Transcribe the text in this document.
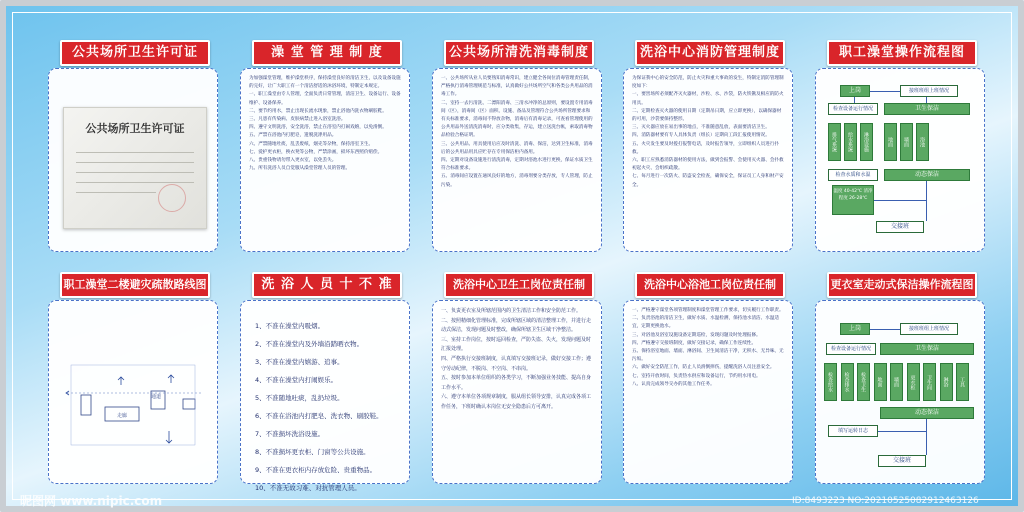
公共场所卫生许可证	澡 堂 管 理 制 度	公共场所清洗消毒制度	洗浴中心消防管理制度	职工澡堂操作流程图
公共场所卫生许可证
为加强澡堂管理，维护澡堂秩序，保持澡堂良好的清洁卫生，以及设备设施的完好，让广大职工有一个清洁舒适的沐浴环境，特制定本规定。
一、职工澡堂由专人管理，全面负责日常管理，清洁卫生、设备运行、设备维护、设备保养。
二、要节约用水，禁止出现长流水现象，禁止浴池内洗衣物刷胶鞋。
三、凡患有传染病、皮肤病禁止进入浴室洗浴。
四、遵守文明洗浴，安全洗浴，禁止在浴室内打闹戏嬉，以免滑倒。
五、严禁在浴池内打肥皂，遗脱洗涤用品。
六、严禁随地吐痰，乱丢废纸，烟壳等杂物，保持浴室卫生。
七、爱护更衣柜，换衣凳等公物，严禁涂画，损坏东西照价赔偿。
八、贵重钱物请勿带入更衣室，以免丢失。
九、所有洗浴人员自觉服从澡堂管理人员的管理。
一、公共场所从业人员要熟知消毒常识，建立健全各岗位消毒管理责任制，严格执行消毒管理规范与标准，认真做好公共场所空气和各类公共用品的消毒工作。
二、室持一去污清洗、二漂阳消毒、三清水冲净的总原则，要设置专用消毒间（区），消毒间（区）面积、设施、备品及管理符合公共场所管理要求和有关标准要求，消毒间不得放杂物，消毒后有消毒记录，可查看管理使用的公共用品外送清洗消毒时，应分类收集，存运，建立送洗台帐，索取消毒物品检验合格证明。
三、公共用品、用具使用后应及时清洗、消毒、保洁，达到卫生标准，消毒后的公共用品用具应贮存在专用保洁柜内备用。
四、定期对设备设施进行清洗消毒，定期对浴池水进行更换，保证水质卫生符合标准要求。
五、消毒间应设置在通风良好的地方，消毒剂要分类存放，专人管理，防止污染。
为保证我中心的安全防范，防止火灾和重大事故的发生，特制定消防管理制度如下：
一、要害场所必须配齐灭火器材，沙粒、水、沙袋，防火铁锹及相应的防火用具。
二、定期检查灭火器的使用日期（定期吊日期，应立即更换），以确保器材的可用，沙袋要保持整形。
三、灭火器应放在易出事的地点，不准随意乱放，表面要清洁卫生。
四、消防器材要有专人具体负责（组长）定期向工段汇报使用情况。
五、火灾发生要及时拨打报警电话，及时报告领导，立即组织人员进行扑救。
六、职工应熟悉消防器材的使用方法，做到会报警、会使用灭火器、会扑救初起火灾、会组织疏散。
七、每月进行一次防火、防盗安全检查，确保安全，保证员工人身和财产安全。
上岗	接班班组上班情况
检查设备运行情况	卫生保洁
排气系统	给水系统	淋浴设施	地面	墙面	浴池
检查水质和水温
温度 40-42℃ 清净程度 26-28℃
动态保洁
交接班
职工澡堂二楼避灾疏散路线图	洗 浴 人 员 十 不 准	洗浴中心卫生工岗位责任制	洗浴中心浴池工岗位责任制	更衣室走动式保洁操作流程图
走廊
通道
1、不准在澡堂内吸烟。
2、不准在澡堂内及外墙沿踏晒衣物。
3、不准在澡堂内嬉游、追事。
4、不准在澡堂内打闹娱乐。
5、不准随地吐痰，乱扔垃圾。
6、不准在浴池内打肥皂、洗衣物、刷胶鞋。
7、不准损坏洗浴设施。
8、不准损坏更衣柜、门窗等公共设施。
9、不准在更衣柜内存放危险、贵重物品。
10、不准无故习难、对抗管理人员。
一、负责更衣室及所辖范围内的卫生清洁工作和安全防范工作。
二、按照精细化管理标准，完成所辖区域的清洁整理工作，并进行走动式保洁，发现问题及时整改，确保所辖卫生区域干净整洁。
三、室持工作岗位，按时巡回检查，严防失盗、失火，发现问题及时汇报处理。
四、严格执行交接班制度，认真填写交接班记录，做好交接工作；遵守劳动纪律，不脱岗、不空岗、不串岗。
五、按时参加本单位组织的各类学习，不断加强业务技能、提高自身工作水平。
六、遵守本单位各项规章制度，服从组长领导安排，认真完成各项工作任务，下班时确认本岗位无安全隐患后方可离开。
一、严格遵守澡堂各项管理制度和澡堂管理工作要求，切实履行工作职责。
二、负责浴池的清洁卫生，做好水质、水温检测，保持池水清洁、水温适宜，定期更换池水。
三、对浴池及浴室设施设备定期巡检，发现问题及时处理报修。
四、严格遵守交接班制度，做好交接记录，确保工作连续性。
五、保持浴室地面、墙面、淋浴间、卫生间清洁干净，无积水、无异味、无污垢。
六、做好安全防范工作，防止人员滑倒摔伤，提醒洗浴人员注意安全。
七、室持开放时间，负责热水供应和设备运行，节约用水用电。
八、认真完成领导交办的其他工作任务。
上岗	接班班组上班情况
检查设备运行情况	卫生保洁
检查给水	检查排水	检查卫生	地面	墙面	更衣柜	卫生间	淋浴	工具
动态保洁
填写运转日志
交接班
昵图网 www.nipic.com	ID:8493223 NO:20210525082912463126
